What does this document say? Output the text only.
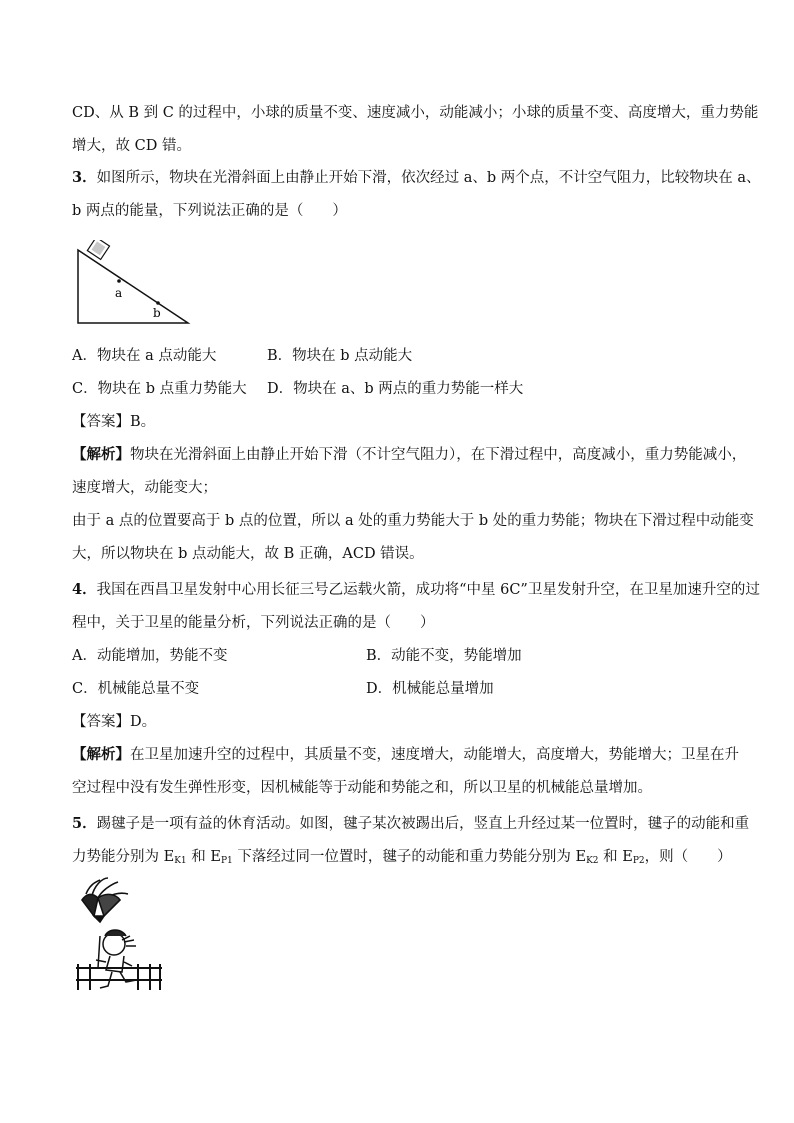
CD、从 B 到 C 的过程中，小球的质量不变、速度减小，动能减小；小球的质量不变、高度增大，重力势能
增大，故 CD 错。
3．如图所示，物块在光滑斜面上由静止开始下滑，依次经过 a、b 两个点，不计空气阻力，比较物块在 a、
b 两点的能量，下列说法正确的是（　　）
a
b
A．物块在 a 点动能大	B．物块在 b 点动能大
C．物块在 b 点重力势能大 D．物块在 a、b 两点的重力势能一样大
【答案】B。
【解析】物块在光滑斜面上由静止开始下滑（不计空气阻力），在下滑过程中，高度减小，重力势能减小，
速度增大，动能变大；
由于 a 点的位置要高于 b 点的位置，所以 a 处的重力势能大于 b 处的重力势能；物块在下滑过程中动能变
大，所以物块在 b 点动能大，故 B 正确，ACD 错误。
4．我国在西昌卫星发射中心用长征三号乙运载火箭，成功将“中星 6C”卫星发射升空，在卫星加速升空的过
程中，关于卫星的能量分析，下列说法正确的是（　　）
A．动能增加，势能不变	B．动能不变，势能增加
C．机械能总量不变	D．机械能总量增加
【答案】D。
【解析】在卫星加速升空的过程中，其质量不变，速度增大，动能增大，高度增大，势能增大；卫星在升
空过程中没有发生弹性形变，因机械能等于动能和势能之和，所以卫星的机械能总量增加。
5．踢毽子是一项有益的休育活动。如图，毽子某次被踢出后，竖直上升经过某一位置时，毽子的动能和重
力势能分别为 $E_{K1}$ 和 $E_{P1}$ 下落经过同一位置时，毽子的动能和重力势能分别为 $E_{K2}$ 和 $E_{P2}$，则（　　）
